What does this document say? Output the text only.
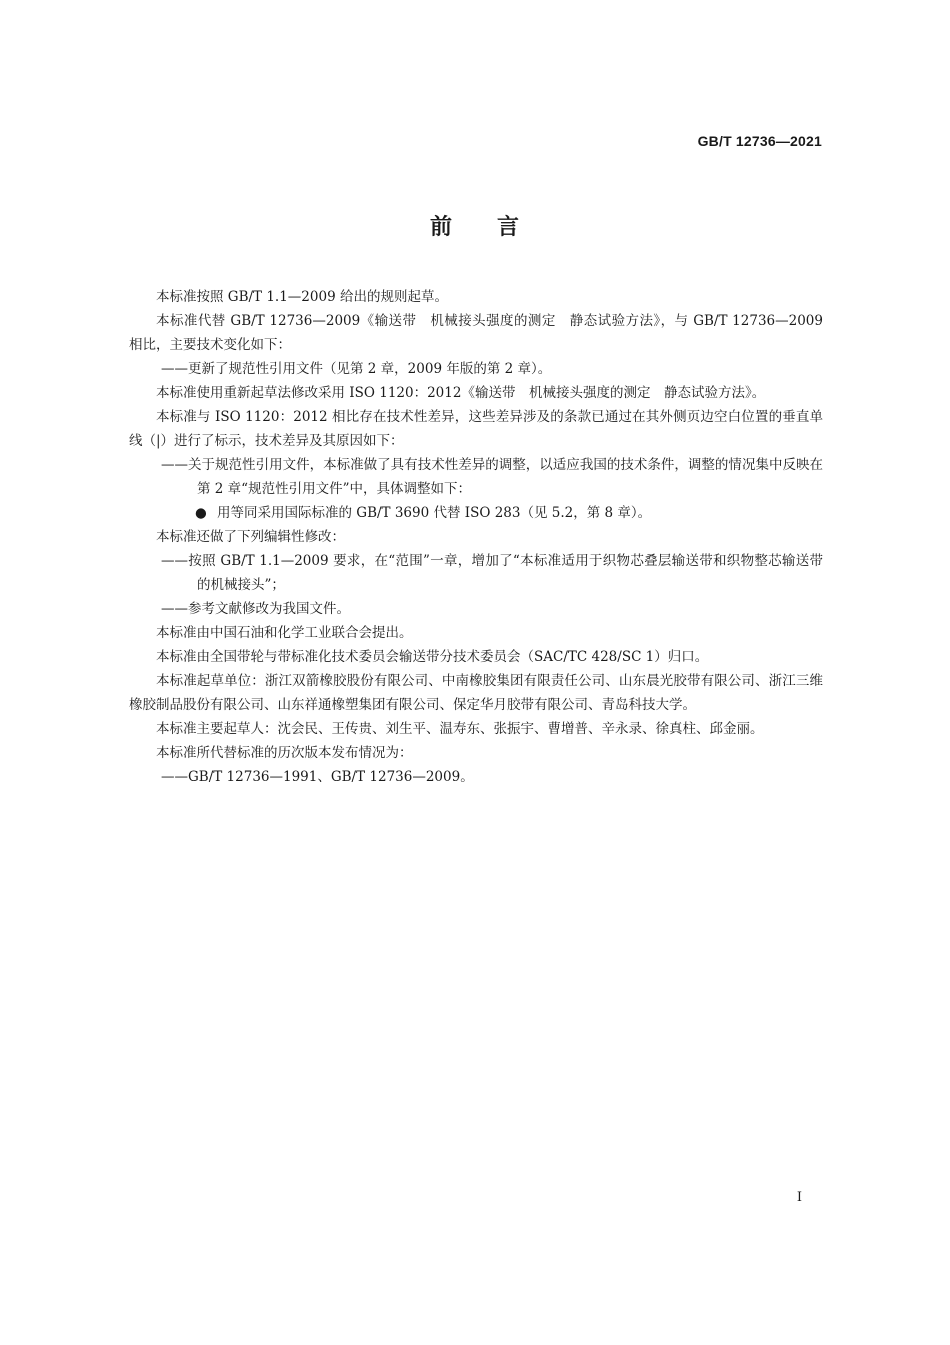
GB/T 12736—2021
前 言

本标准按照 GB/T 1.1—2009 给出的规则起草。

本标准代替 GB/T 12736—2009《输送带　机械接头强度的测定　静态试验方法》，与 GB/T 12736—2009 相比，主要技术变化如下：

——更新了规范性引用文件（见第 2 章，2009 年版的第 2 章）。

本标准使用重新起草法修改采用 ISO 1120：2012《输送带　机械接头强度的测定　静态试验方法》。

本标准与 ISO 1120：2012 相比存在技术性差异，这些差异涉及的条款已通过在其外侧页边空白位置的垂直单线（|）进行了标示，技术差异及其原因如下：

——关于规范性引用文件，本标准做了具有技术性差异的调整，以适应我国的技术条件，调整的情况集中反映在第 2 章“规范性引用文件”中，具体调整如下：

● 用等同采用国际标准的 GB/T 3690 代替 ISO 283（见 5.2，第 8 章）。

本标准还做了下列编辑性修改：

——按照 GB/T 1.1—2009 要求，在“范围”一章，增加了“本标准适用于织物芯叠层输送带和织物整芯输送带的机械接头”；

——参考文献修改为我国文件。

本标准由中国石油和化学工业联合会提出。

本标准由全国带轮与带标准化技术委员会输送带分技术委员会（SAC/TC 428/SC 1）归口。

本标准起草单位：浙江双箭橡胶股份有限公司、中南橡胶集团有限责任公司、山东晨光胶带有限公司、浙江三维橡胶制品股份有限公司、山东祥通橡塑集团有限公司、保定华月胶带有限公司、青岛科技大学。

本标准主要起草人：沈会民、王传贵、刘生平、温寿东、张振宇、曹增普、辛永录、徐真柱、邱金丽。

本标准所代替标准的历次版本发布情况为：

——GB/T 12736—1991、GB/T 12736—2009。

I
